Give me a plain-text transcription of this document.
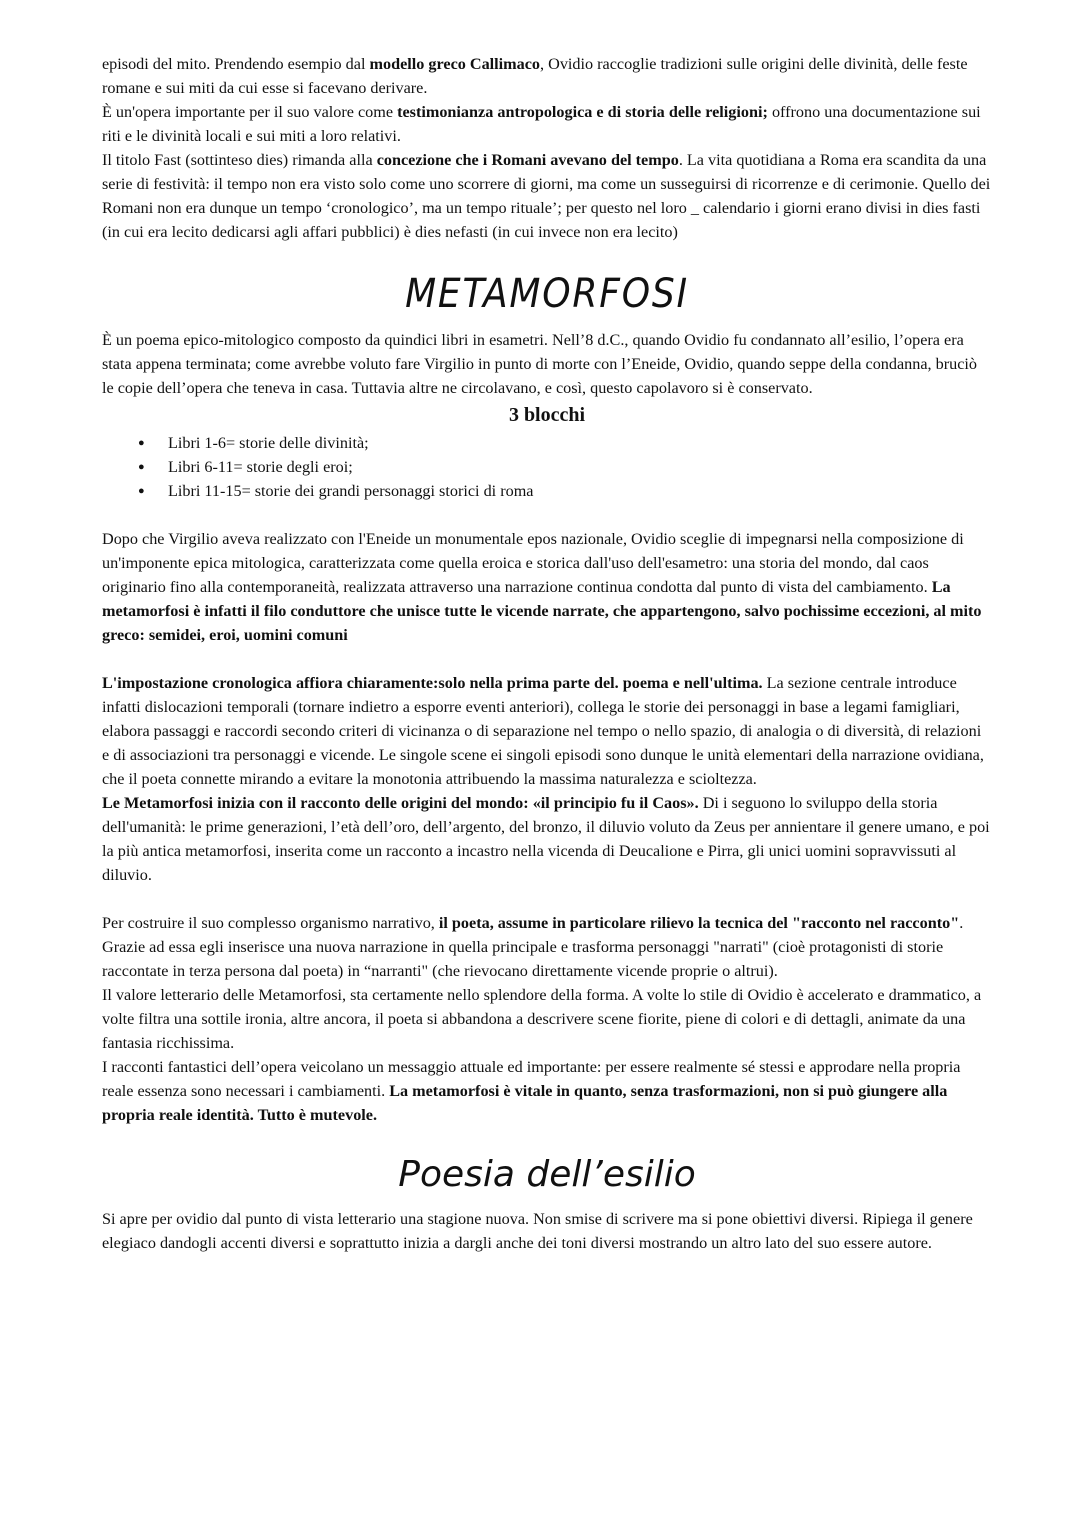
episodi del mito. Prendendo esempio dal modello greco Callimaco, Ovidio raccoglie tradizioni sulle origini delle divinità, delle feste romane e sui miti da cui esse si facevano derivare.

È un'opera importante per il suo valore come testimonianza antropologica e di storia delle religioni; offrono una documentazione sui riti e le divinità locali e sui miti a loro relativi.

Il titolo Fast (sottinteso dies) rimanda alla concezione che i Romani avevano del tempo. La vita quotidiana a Roma era scandita da una serie di festività: il tempo non era visto solo come uno scorrere di giorni, ma come un susseguirsi di ricorrenze e di cerimonie. Quello dei Romani non era dunque un tempo ‘cronologico’, ma un tempo rituale’; per questo nel loro _ calendario i giorni erano divisi in dies fasti (in cui era lecito dedicarsi agli affari pubblici) è dies nefasti (in cui invece non era lecito)

METAMORFOSI

È un poema epico-mitologico composto da quindici libri in esametri. Nell’8 d.C., quando Ovidio fu condannato all’esilio, l’opera era stata appena terminata; come avrebbe voluto fare Virgilio in punto di morte con l’Eneide, Ovidio, quando seppe della condanna, bruciò le copie dell’opera che teneva in casa. Tuttavia altre ne circolavano, e così, questo capolavoro si è conservato.

3 blocchi
● Libri 1-6= storie delle divinità;
● Libri 6-11= storie degli eroi;
● Libri 11-15= storie dei grandi personaggi storici di roma

Dopo che Virgilio aveva realizzato con l'Eneide un monumentale epos nazionale, Ovidio sceglie di impegnarsi nella composizione di un'imponente epica mitologica, caratterizzata come quella eroica e storica dall'uso dell'esametro: una storia del mondo, dal caos originario fino alla contemporaneità, realizzata attraverso una narrazione continua condotta dal punto di vista del cambiamento. La metamorfosi è infatti il filo conduttore che unisce tutte le vicende narrate, che appartengono, salvo pochissime eccezioni, al mito greco: semidei, eroi, uomini comuni

L'impostazione cronologica affiora chiaramente:solo nella prima parte del. poema e nell'ultima. La sezione centrale introduce infatti dislocazioni temporali (tornare indietro a esporre eventi anteriori), collega le storie dei personaggi in base a legami famigliari, elabora passaggi e raccordi secondo criteri di vicinanza o di separazione nel tempo o nello spazio, di analogia o di diversità, di relazioni e di associazioni tra personaggi e vicende. Le singole scene ei singoli episodi sono dunque le unità elementari della narrazione ovidiana, che il poeta connette mirando a evitare la monotonia attribuendo la massima naturalezza e scioltezza.

Le Metamorfosi inizia con il racconto delle origini del mondo: «il principio fu il Caos». Di i seguono lo sviluppo della storia dell'umanità: le prime generazioni, l’età dell’oro, dell’argento, del bronzo, il diluvio voluto da Zeus per annientare il genere umano, e poi la più antica metamorfosi, inserita come un racconto a incastro nella vicenda di Deucalione e Pirra, gli unici uomini sopravvissuti al diluvio.

Per costruire il suo complesso organismo narrativo, il poeta, assume in particolare rilievo la tecnica del "racconto nel racconto". Grazie ad essa egli inserisce una nuova narrazione in quella principale e trasforma personaggi "narrati" (cioè protagonisti di storie raccontate in terza persona dal poeta) in “narranti" (che rievocano direttamente vicende proprie o altrui).

Il valore letterario delle Metamorfosi, sta certamente nello splendore della forma. A volte lo stile di Ovidio è accelerato e drammatico, a volte filtra una sottile ironia, altre ancora, il poeta si abbandona a descrivere scene fiorite, piene di colori e di dettagli, animate da una fantasia ricchissima.

I racconti fantastici dell’opera veicolano un messaggio attuale ed importante: per essere realmente sé stessi e approdare nella propria reale essenza sono necessari i cambiamenti. La metamorfosi è vitale in quanto, senza trasformazioni, non si può giungere alla propria reale identità. Tutto è mutevole.

Poesia dell’esilio

Si apre per ovidio dal punto di vista letterario una stagione nuova. Non smise di scrivere ma si pone obiettivi diversi. Ripiega il genere elegiaco dandogli accenti diversi e soprattutto inizia a dargli anche dei toni diversi mostrando un altro lato del suo essere autore.
